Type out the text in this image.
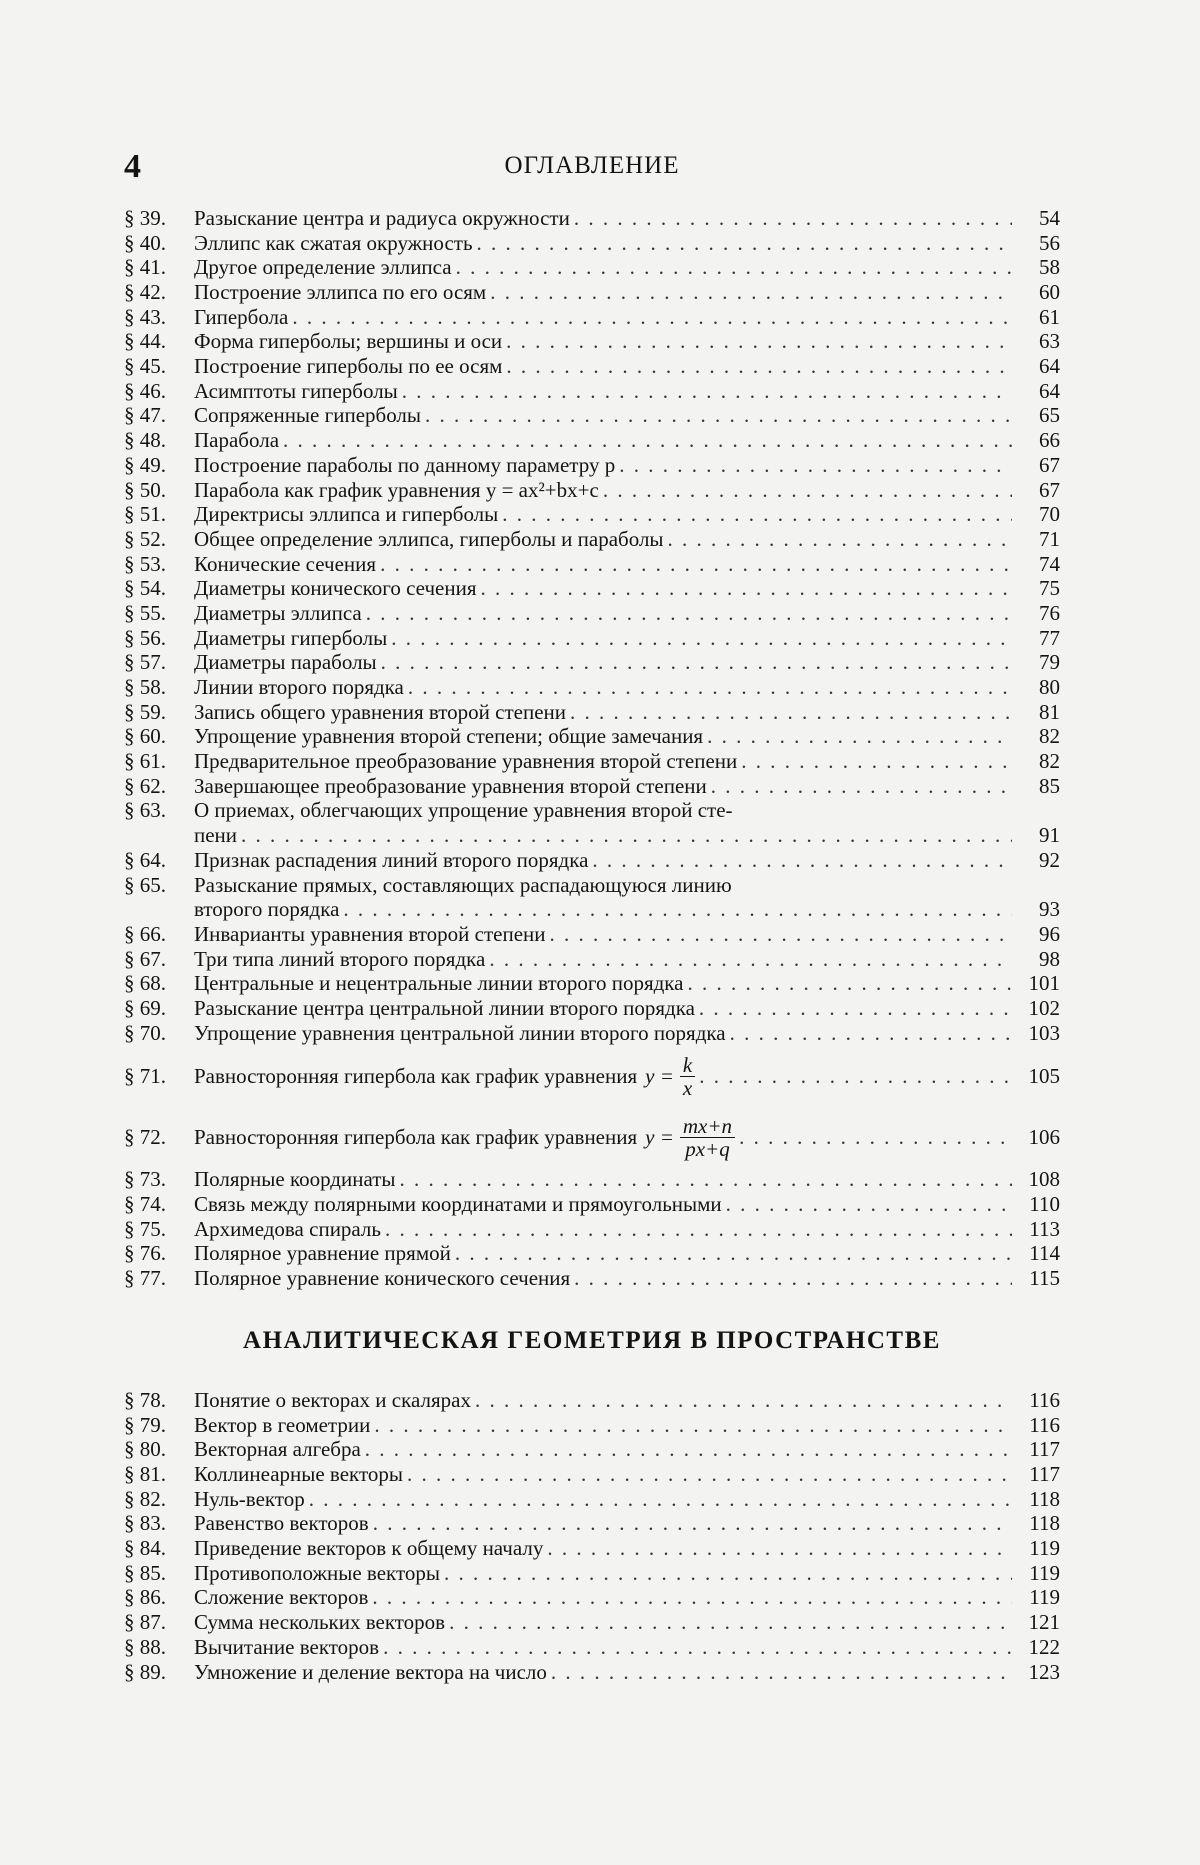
4	ОГЛАВЛЕНИЕ
§ 39.	Разыскание центра и радиуса окружности . . .	54
§ 40.	Эллипс как сжатая окружность . . .	56
§ 41.	Другое определение эллипса . . .	58
§ 42.	Построение эллипса по его осям . . .	60
§ 43.	Гипербола . . .	61
§ 44.	Форма гиперболы; вершины и оси . . .	63
§ 45.	Построение гиперболы по ее осям . . .	64
§ 46.	Асимптоты гиперболы . . .	64
§ 47.	Сопряженные гиперболы . . .	65
§ 48.	Парабола . . .	66
§ 49.	Построение параболы по данному параметру p . . .	67
§ 50.	Парабола как график уравнения y = ax²+bx+c . . .	67
§ 51.	Директрисы эллипса и гиперболы . . .	70
§ 52.	Общее определение эллипса, гиперболы и параболы . . .	71
§ 53.	Конические сечения . . .	74
§ 54.	Диаметры конического сечения . . .	75
§ 55.	Диаметры эллипса . . .	76
§ 56.	Диаметры гиперболы . . .	77
§ 57.	Диаметры параболы . . .	79
§ 58.	Линии второго порядка . . .	80
§ 59.	Запись общего уравнения второй степени . . .	81
§ 60.	Упрощение уравнения второй степени; общие замечания . . .	82
§ 61.	Предварительное преобразование уравнения второй степени . . .	82
§ 62.	Завершающее преобразование уравнения второй степени . . .	85
§ 63.	О приемах, облегчающих упрощение уравнения второй сте-
пени . . .	91
§ 64.	Признак распадения линий второго порядка . . .	92
§ 65.	Разыскание прямых, составляющих распадающуюся линию
второго порядка . . .	93
§ 66.	Инварианты уравнения второй степени . . .	96
§ 67.	Три типа линий второго порядка . . .	98
§ 68.	Центральные и нецентральные линии второго порядка . . .	101
§ 69.	Разыскание центра центральной линии второго порядка . . .	102
§ 70.	Упрощение уравнения центральной линии второго порядка . . .	103
§ 71.	Равносторонняя гипербола как график уравнения $y = \frac{k}{x}$ . . .	105
§ 72.	Равносторонняя гипербола как график уравнения $y = \frac{mx+n}{px+q}$ . . .	106
§ 73.	Полярные координаты . . .	108
§ 74.	Связь между полярными координатами и прямоугольными . . .	110
§ 75.	Архимедова спираль . . .	113
§ 76.	Полярное уравнение прямой . . .	114
§ 77.	Полярное уравнение конического сечения . . .	115
АНАЛИТИЧЕСКАЯ ГЕОМЕТРИЯ В ПРОСТРАНСТВЕ
§ 78.	Понятие о векторах и скалярах . . .	116
§ 79.	Вектор в геометрии . . .	116
§ 80.	Векторная алгебра . . .	117
§ 81.	Коллинеарные векторы . . .	117
§ 82.	Нуль-вектор . . .	118
§ 83.	Равенство векторов . . .	118
§ 84.	Приведение векторов к общему началу . . .	119
§ 85.	Противоположные векторы . . .	119
§ 86.	Сложение векторов . . .	119
§ 87.	Сумма нескольких векторов . . .	121
§ 88.	Вычитание векторов . . .	122
§ 89.	Умножение и деление вектора на число . . .	123
